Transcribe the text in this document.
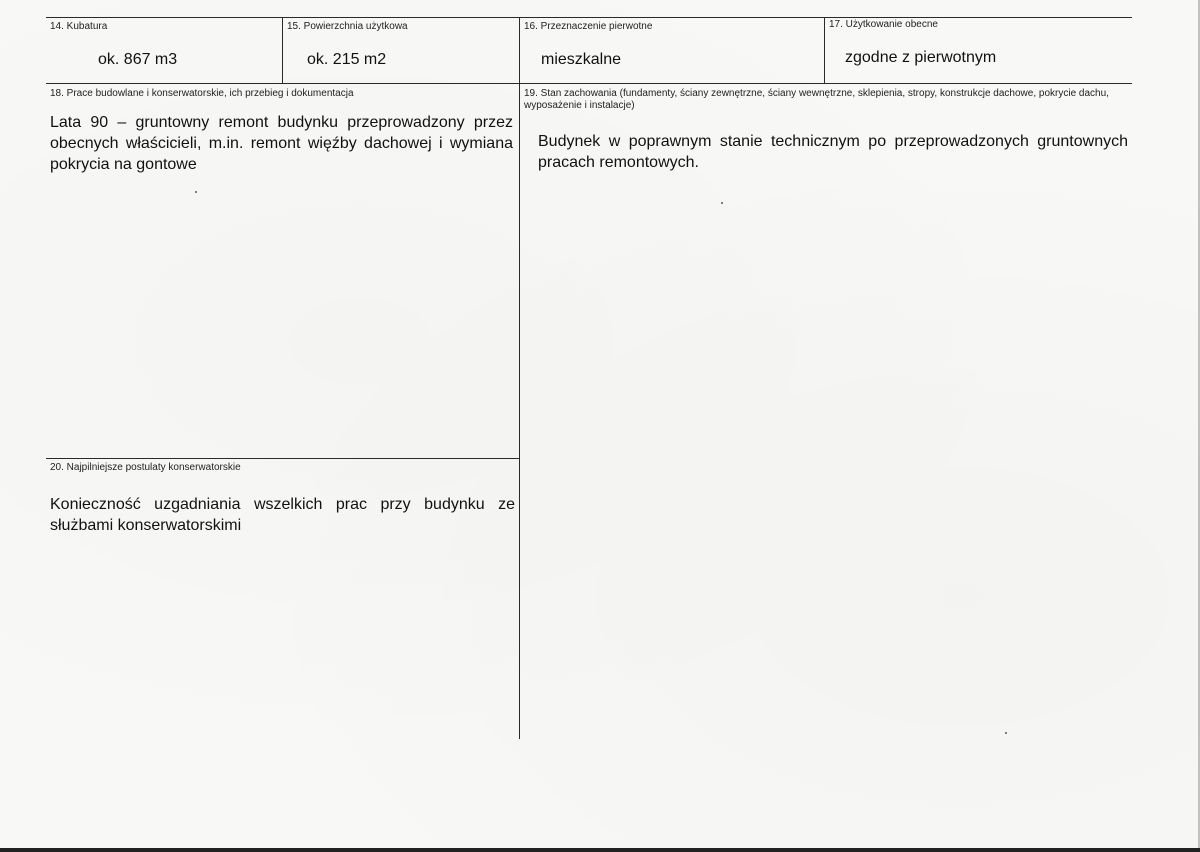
14. Kubatura
ok. 867 m3
15. Powierzchnia użytkowa
ok. 215 m2
16. Przeznaczenie pierwotne
mieszkalne
17. Użytkowanie obecne
zgodne z pierwotnym
18. Prace budowlane i konserwatorskie, ich przebieg i dokumentacja
Lata 90 – gruntowny remont budynku przeprowadzony przez obecnych właścicieli, m.in. remont więźby dachowej i wymiana pokrycia na gontowe
19. Stan zachowania (fundamenty, ściany zewnętrzne, ściany wewnętrzne, sklepienia, stropy, konstrukcje dachowe, pokrycie dachu, wyposażenie i instalacje)
Budynek w poprawnym stanie technicznym po przeprowadzonych gruntownych pracach remontowych.
20. Najpilniejsze postulaty konserwatorskie
Konieczność uzgadniania wszelkich prac przy budynku ze służbami konserwatorskimi
